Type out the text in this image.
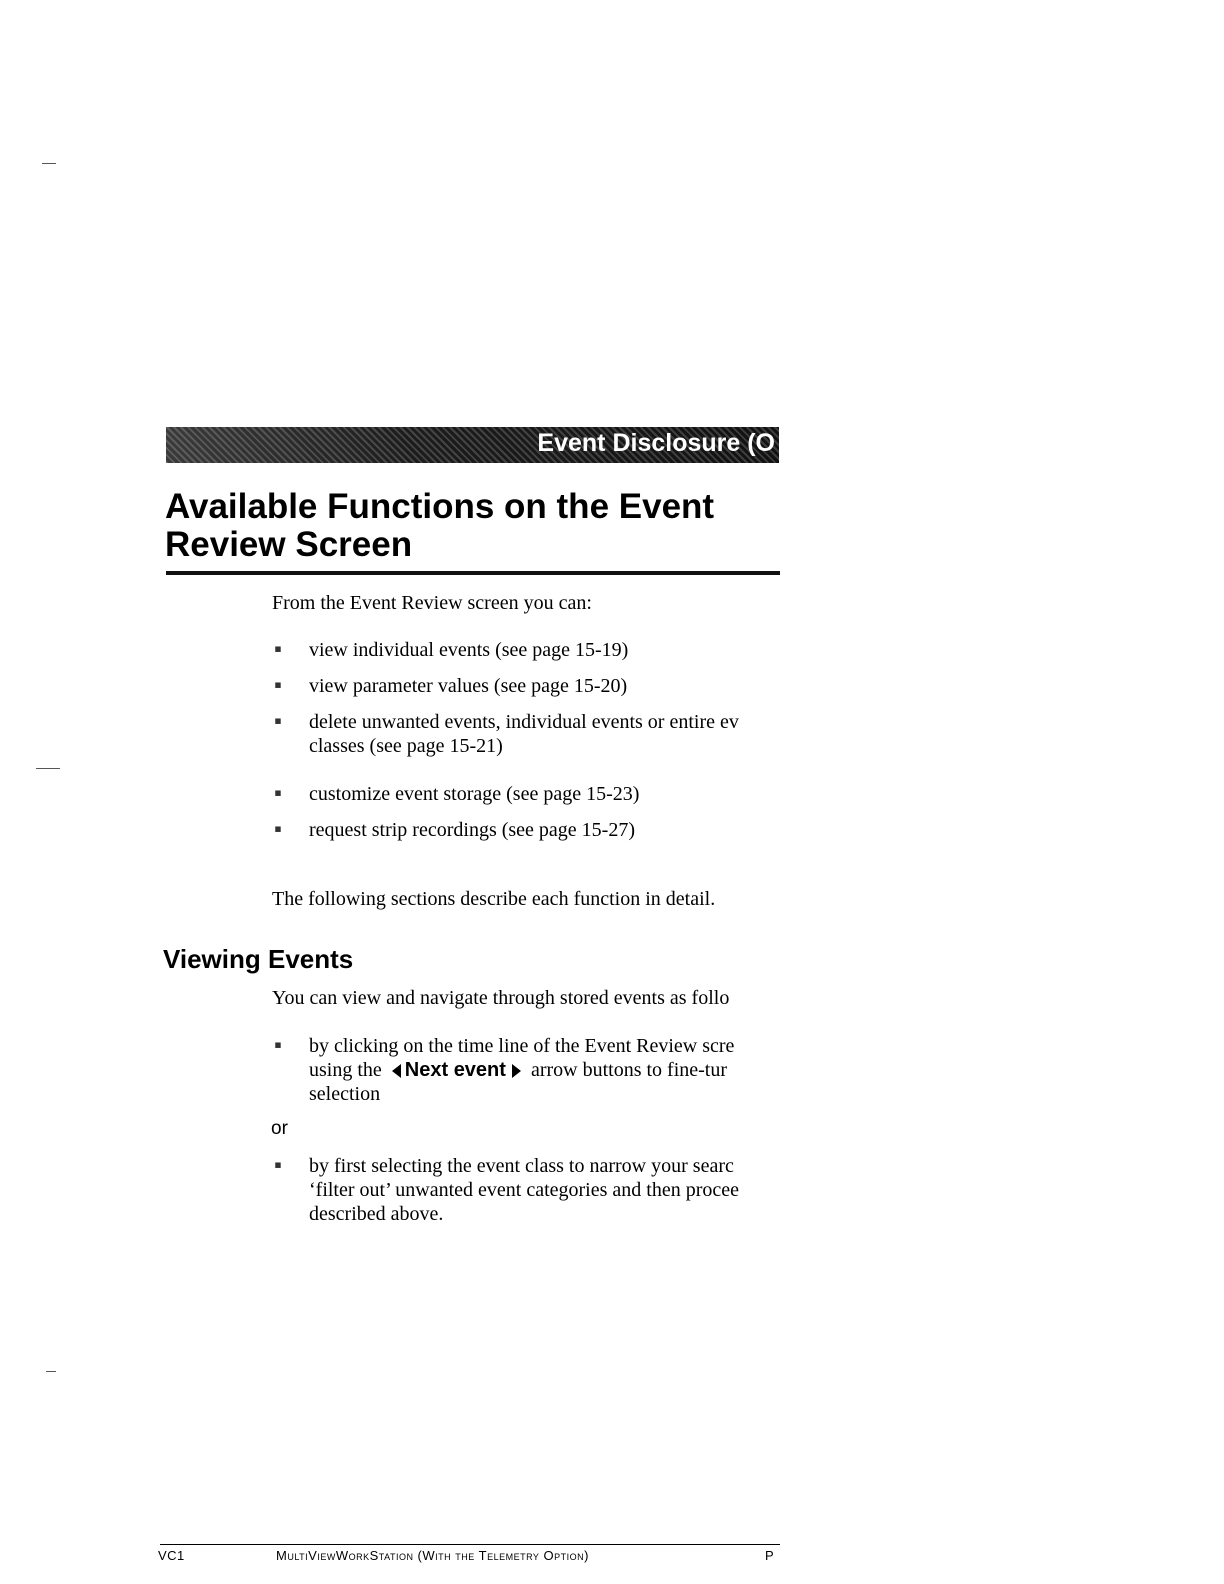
Event Disclosure (O
Available Functions on the Event
Review Screen

From the Event Review screen you can:

▪ view individual events (see page 15-19)
▪ view parameter values (see page 15-20)
▪ delete unwanted events, individual events or entire ev
classes (see page 15-21)
▪ customize event storage (see page 15-23)
▪ request strip recordings (see page 15-27)

The following sections describe each function in detail.

Viewing Events

You can view and navigate through stored events as follo

▪ by clicking on the time line of the Event Review scre
using the Next event arrow buttons to fine-tur
selection
or
▪ by first selecting the event class to narrow your searc
‘filter out’ unwanted event categories and then procee
described above.
VC1	MultiViewWorkStation (With the Telemetry Option)	P
